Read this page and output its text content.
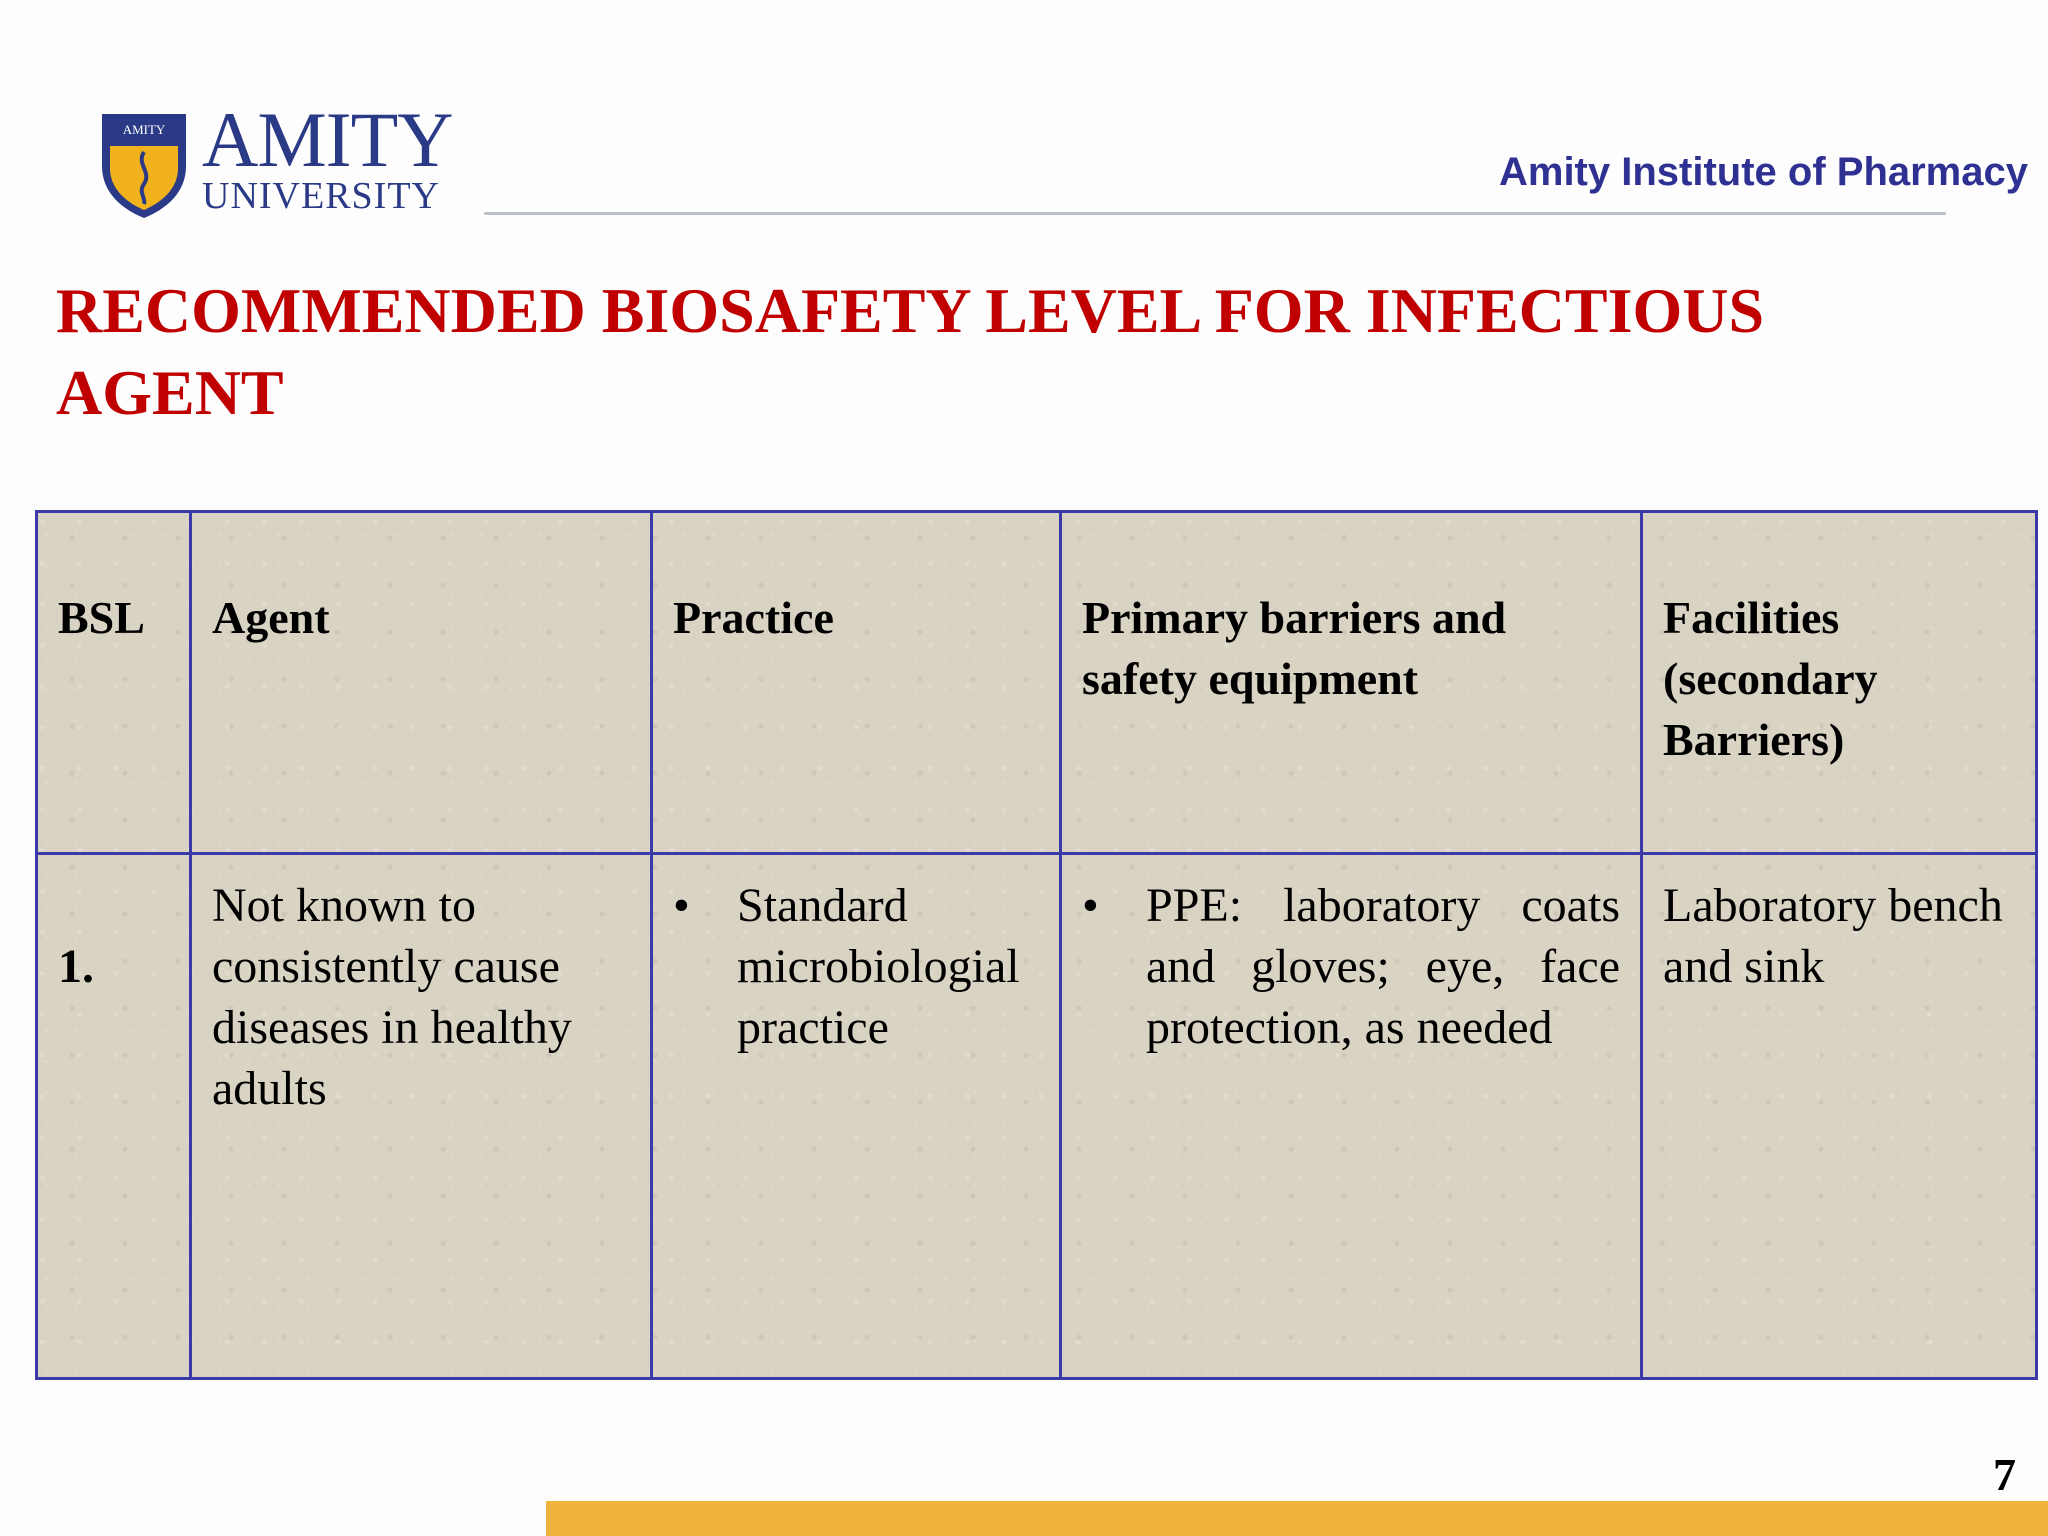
AMITY AMITY
UNIVERSITY
Amity Institute of Pharmacy
RECOMMENDED BIOSAFETY LEVEL FOR INFECTIOUS AGENT
BSL	Agent	Practice	Primary barriers and safety equipment	Facilities (secondary Barriers)

1.	Not known to consistently cause diseases in healthy adults	• Standard microbiologial practice	• PPE: laboratory coats and gloves; eye, face protection, as needed	Laboratory bench and sink
7
